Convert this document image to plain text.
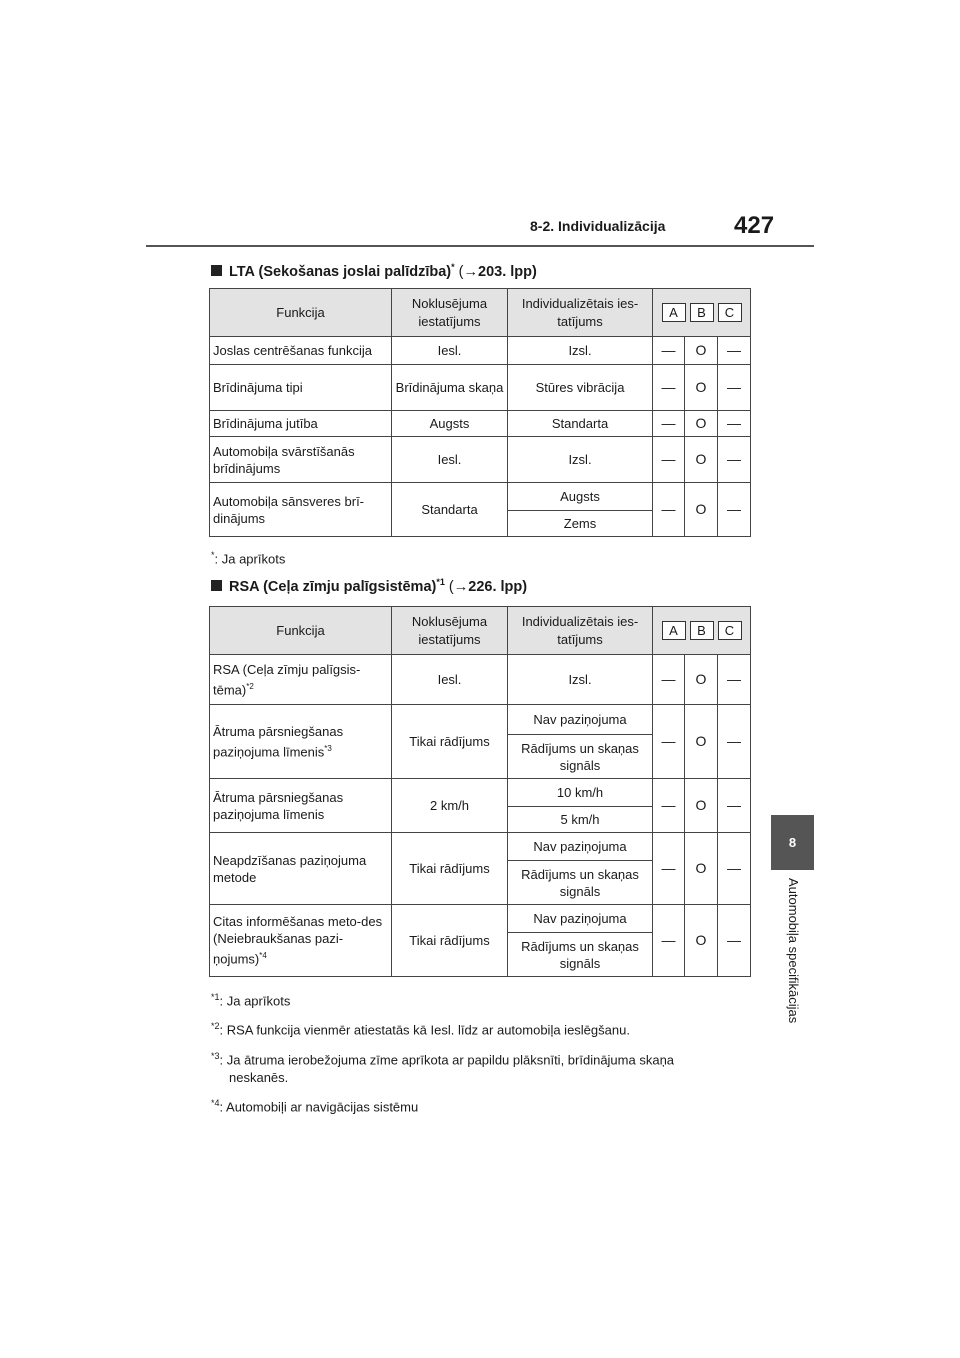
8-2. Individualizācija	427
8
Automobiļa specifikācijas
LTA (Sekošanas joslai palīdzība)* (→203. lpp)
Funkcija	Noklusējuma iestatījums	Individualizētais ies-tatījums	A B C		
Joslas centrēšanas funkcija	Iesl.	Izsl.	—	O	—
Brīdinājuma tipi	Brīdinājuma skaņa	Stūres vibrācija	—	O	—
Brīdinājuma jutība	Augsts	Standarta	—	O	—
Automobiļa svārstīšanās brīdinājums	Iesl.	Izsl.	—	O	—
Automobiļa sānsveres brī-dinājums	Standarta	Augsts	—	O	—
		Zems			
*: Ja aprīkots
RSA (Ceļa zīmju palīgsistēma)$^{*1}$ (→226. lpp)
Funkcija	Noklusējuma iestatījums	Individualizētais ies-tatījums	A B C		
RSA (Ceļa zīmju palīgsis-tēma)$^{*2}$	Iesl.	Izsl.	—	O	—
Ātruma pārsniegšanas paziņojuma līmenis$^{*3}$	Tikai rādījums	Nav paziņojuma	—	O	—
		Rādījums un skaņas signāls			
Ātruma pārsniegšanas paziņojuma līmenis	2 km/h	10 km/h	—	O	—
		5 km/h			
Neapdzīšanas paziņojuma metode	Tikai rādījums	Nav paziņojuma	—	O	—
		Rādījums un skaņas signāls			
Citas informēšanas meto-des (Neiebraukšanas pazi-ņojums)$^{*4}$	Tikai rādījums	Nav paziņojuma	—	O	—
		Rādījums un skaņas signāls			
$^{*1}$: Ja aprīkots
$^{*2}$: RSA funkcija vienmēr atiestatās kā Iesl. līdz ar automobiļa ieslēgšanu.
$^{*3}$: Ja ātruma ierobežojuma zīme aprīkota ar papildu plāksnīti, brīdinājuma skaņa
neskanēs.
$^{*4}$: Automobiļi ar navigācijas sistēmu
